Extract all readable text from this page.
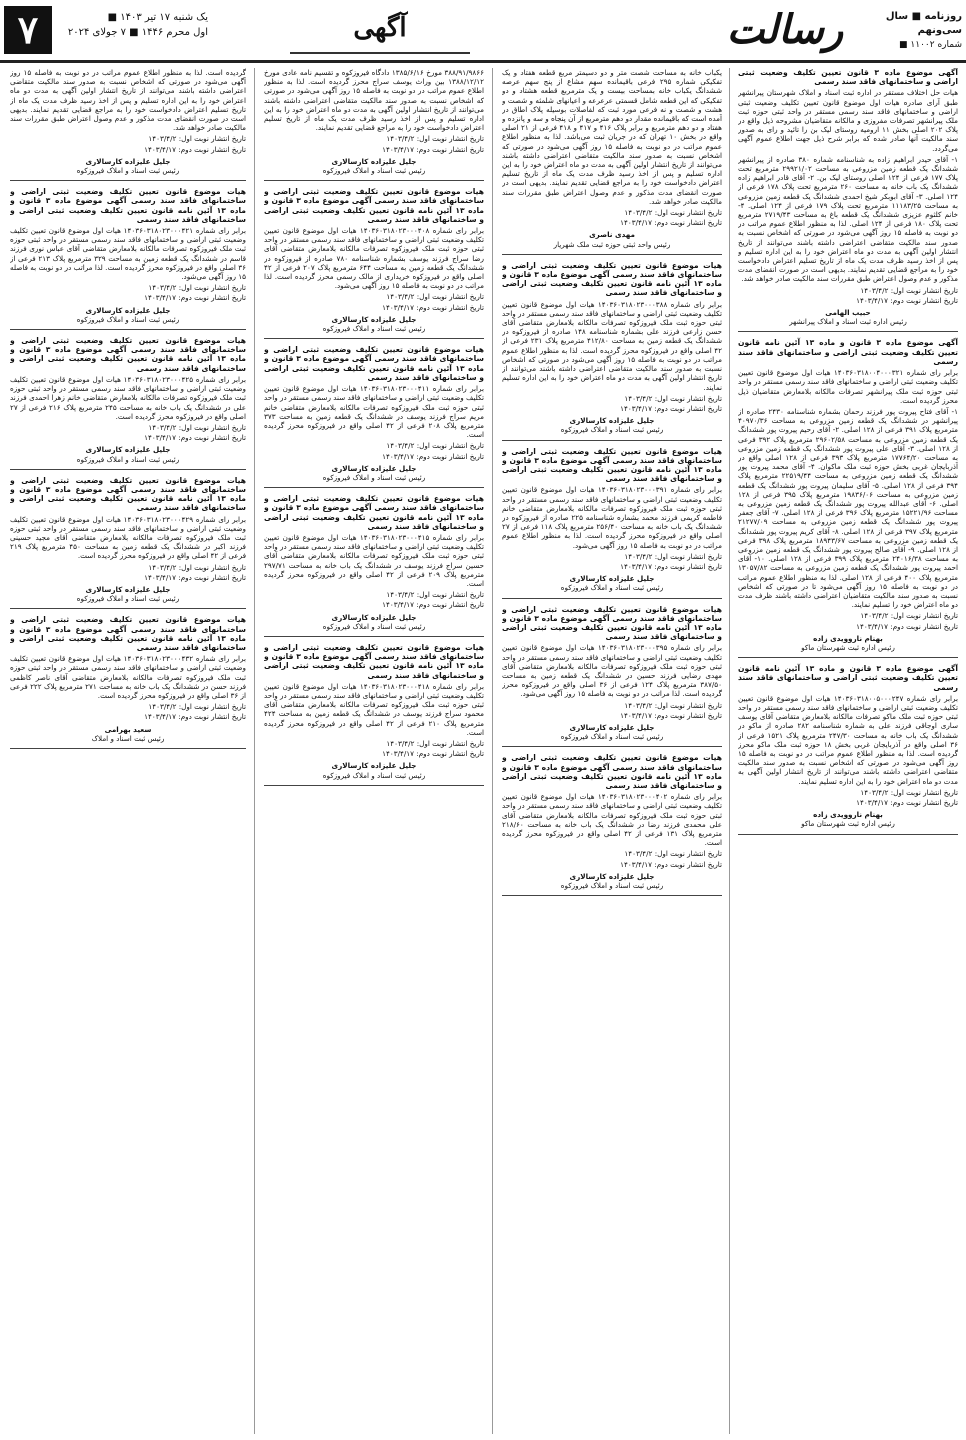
۷	یک شنبه ۱۷ تیر ۱۴۰۳ ■
اول محرم ۱۴۴۶ ■ ۷ جولای ۲۰۲۴	آگهی	رسالت	روزنامه ■ سال سی‌ونهم
شماره ۱۱۰۰۲ ■
آگهی موضوع ماده ۳ قانون تعیین تکلیف وضعیت ثبتی اراضی و ساختمانهای فاقد سند رسمی
هیات حل اختلاف مستقر در اداره ثبت اسناد و املاک شهرستان پیرانشهر طبق آرای صادره هیات اول موضوع قانون تعیین تکلیف وضعیت ثبتی اراضی و ساختمانهای فاقد سند رسمی مستقر در واحد ثبتی حوزه ثبت ملک پیرانشهر تصرفات مفروزی و مالکانه متقاضیان مشروحه ذیل واقع در پلاک ۲۰۲ اصلی بخش ۱۱ ارومیه روستای لیک بن را تائید و رای به صدور سند مالکیت آنها صادر شده که برابر شرح ذیل جهت اطلاع عموم آگهی می‌گردد.
۱- آقای حیدر ابراهیم زاده به شناسنامه شماره ۳۸۰ صادره از پیرانشهر ششدانگ یک قطعه زمین مزروعی به مساحت ۲۹۹۲۱/۰۲ مترمربع تحت پلاک ۱۷۷ فرعی از ۱۲۴ اصلی روستای لیک بن. ۲- آقای قادر ابراهیم زاده ششدانگ یک باب خانه به مساحت ۲۶۰ مترمربع تحت پلاک ۱۷۸ فرعی از ۱۲۴ اصلی. ۳- آقای ابوبکر شیخ احمدی ششدانگ یک قطعه زمین مزروعی به مساحت ۱۱۱۸۳/۲۵ مترمربع تحت پلاک ۱۷۹ فرعی از ۱۲۴ اصلی. ۴- خانم کلثوم عزیزی ششدانگ یک قطعه باغ به مساحت ۲۷۱۹/۴۳ مترمربع تحت پلاک ۱۸۰ فرعی از ۱۲۴ اصلی. لذا به منظور اطلاع عموم مراتب در دو نوبت به فاصله ۱۵ روز آگهی می‌شود در صورتی که اشخاص نسبت به صدور سند مالکیت متقاضی اعتراضی داشته باشند می‌توانند از تاریخ انتشار اولین آگهی به مدت دو ماه اعتراض خود را به این اداره تسلیم و پس از اخذ رسید ظرف مدت یک ماه از تاریخ تسلیم اعتراض دادخواست خود را به مراجع قضایی تقدیم نمایند. بدیهی است در صورت انقضای مدت مذکور و عدم وصول اعتراض طبق مقررات سند مالکیت صادر خواهد شد.
تاریخ انتشار نوبت اول: ۱۴۰۳/۴/۲
تاریخ انتشار نوبت دوم: ۱۴۰۳/۴/۱۷
حبیب الهامی
رئیس اداره ثبت اسناد و املاک پیرانشهر
آگهی موضوع ماده ۳ قانون و ماده ۱۳ آئین نامه قانون تعیین تکلیف وضعیت ثبتی اراضی و ساختمانهای فاقد سند رسمی
برابر رای شماره ۱۴۰۳۶۰۳۱۸۰۰۴۰۰۰۳۲۱ هیات اول موضوع قانون تعیین تکلیف وضعیت ثبتی اراضی و ساختمانهای فاقد سند رسمی مستقر در واحد ثبتی حوزه ثبت ملک پیرانشهر تصرفات مالکانه بلامعارض متقاضیان ذیل محرز گردیده است.
۱- آقای فتاح پیروت پور فرزند رحمان بشماره شناسنامه ۲۴۳۰ صادره از پیرانشهر در ششدانگ یک قطعه زمین مزروعی به مساحت ۴۰۹۷۰/۳۶ مترمربع پلاک ۳۹۱ فرعی از ۱۲۸ اصلی. ۲- آقای رحیم پیروت پور ششدانگ یک قطعه زمین مزروعی به مساحت ۲۹۶۰۲/۵۸ مترمربع پلاک ۳۹۲ فرعی از ۱۲۸ اصلی. ۳- آقای علی پیروت پور ششدانگ یک قطعه زمین مزروعی به مساحت ۱۷۷۶۴/۲۰ مترمربع پلاک ۳۹۳ فرعی از ۱۲۸ اصلی واقع در آذربایجان غربی بخش حوزه ثبت ملک ماکوان. ۴- آقای محمد پیروت پور ششدانگ یک قطعه زمین مزروعی به مساحت ۲۲۵۱۹/۴۴ مترمربع پلاک ۳۹۴ فرعی از ۱۲۸ اصلی. ۵- آقای سلیمان پیروت پور ششدانگ یک قطعه زمین مزروعی به مساحت ۱۹۸۳۶/۰۶ مترمربع پلاک ۳۹۵ فرعی از ۱۲۸ اصلی. ۶- آقای عبدالله پیروت پور ششدانگ یک قطعه زمین مزروعی به مساحت ۱۵۲۲۱/۹۶ مترمربع پلاک ۳۹۶ فرعی از ۱۲۸ اصلی. ۷- آقای جعفر پیروت پور ششدانگ یک قطعه زمین مزروعی به مساحت ۲۱۲۷۷/۰۹ مترمربع پلاک ۳۹۷ فرعی از ۱۲۸ اصلی. ۸- آقای کریم پیروت پور ششدانگ یک قطعه زمین مزروعی به مساحت ۱۸۹۴۳/۶۷ مترمربع پلاک ۳۹۸ فرعی از ۱۲۸ اصلی. ۹- آقای صالح پیروت پور ششدانگ یک قطعه زمین مزروعی به مساحت ۲۴۰۱۶/۳۸ مترمربع پلاک ۳۹۹ فرعی از ۱۲۸ اصلی. ۱۰- آقای احمد پیروت پور ششدانگ یک قطعه زمین مزروعی به مساحت ۱۳۰۵۷/۸۲ مترمربع پلاک ۴۰۰ فرعی از ۱۲۸ اصلی. لذا به منظور اطلاع عموم مراتب در دو نوبت به فاصله ۱۵ روز آگهی می‌شود تا در صورتی که اشخاص نسبت به صدور سند مالکیت متقاضیان اعتراضی داشته باشند ظرف مدت دو ماه اعتراض خود را تسلیم نمایند.
تاریخ انتشار نوبت اول: ۱۴۰۳/۴/۲
تاریخ انتشار نوبت دوم: ۱۴۰۳/۴/۱۷
بهنام ناروویدی زاده
رئیس اداره ثبت شهرستان ماکو
آگهی موضوع ماده ۳ قانون و ماده ۱۳ آئین نامه قانون تعیین تکلیف وضعیت ثبتی اراضی و ساختمانهای فاقد سند رسمی
برابر رای شماره ۱۴۰۳۶۰۳۱۸۰۰۵۰۰۰۲۴۷ هیات اول موضوع قانون تعیین تکلیف وضعیت ثبتی اراضی و ساختمانهای فاقد سند رسمی مستقر در واحد ثبتی حوزه ثبت ملک ماکو تصرفات مالکانه بلامعارض متقاضی آقای یوسف ساری اوجاقی فرزند علی به شماره شناسنامه ۲۸۲ صادره از ماکو در ششدانگ یک باب خانه به مساحت ۲۴۷/۳۰ مترمربع پلاک ۱۵۲۱ فرعی از ۳۶ اصلی واقع در آذربایجان غربی بخش ۱۸ حوزه ثبت ملک ماکو محرز گردیده است. لذا به منظور اطلاع عموم مراتب در دو نوبت به فاصله ۱۵ روز آگهی می‌شود در صورتی که اشخاص نسبت به صدور سند مالکیت متقاضی اعتراضی داشته باشند می‌توانند از تاریخ انتشار اولین آگهی به مدت دو ماه اعتراض خود را به این اداره تسلیم نمایند.
تاریخ انتشار نوبت اول: ۱۴۰۳/۴/۲
تاریخ انتشار نوبت دوم: ۱۴۰۳/۴/۱۷
بهنام ناروویدی زاده
رئیس اداره ثبت شهرستان ماکو
یکباب خانه به مساحت شصت متر و دو دسیمتر مربع قطعه هفتاد و یک تفکیکی شماره ۲۹۵ فرعی باقیمانده سهم مشاع از پنج سهم عرصه ششدانگ یکباب خانه بمساحت بیست و یک مترمربع قطعه هشتاد و دو تفکیکی که این قطعه شامل قسمتی عرعرعه و اعیانهای شلمثه و شصت و هشت و شصت و نه فرعی مورد ثبت که لفاصلات بوسیله پلاک اطاق در آمده است که باقیمانده مقدار دو دهم مترمربع از آن پنجاه و سه و پانزده و هفتاد و دو دهم مترمربع و برابر پلاک ۴۱۶ و ۴۱۷ و ۴۱۸ فرعی از ۲۱ اصلی واقع در بخش ۱۰ تهران که در جریان ثبت می‌باشد. لذا به منظور اطلاع عموم مراتب در دو نوبت به فاصله ۱۵ روز آگهی می‌شود در صورتی که اشخاص نسبت به صدور سند مالکیت متقاضی اعتراضی داشته باشند می‌توانند از تاریخ انتشار اولین آگهی به مدت دو ماه اعتراض خود را به این اداره تسلیم و پس از اخذ رسید ظرف مدت یک ماه از تاریخ تسلیم اعتراض دادخواست خود را به مراجع قضایی تقدیم نمایند. بدیهی است در صورت انقضای مدت مذکور و عدم وصول اعتراض طبق مقررات سند مالکیت صادر خواهد شد.
تاریخ انتشار نوبت اول: ۱۴۰۳/۴/۲
تاریخ انتشار نوبت دوم: ۱۴۰۳/۴/۱۷
مهدی ناصری
رئیس واحد ثبتی حوزه ثبت ملک شهریار
هیات موضوع قانون تعیین تکلیف وضعیت ثبتی اراضی و ساختمانهای فاقد سند رسمی آگهی موضوع ماده ۳ قانون و ماده ۱۳ آئین نامه قانون تعیین تکلیف وضعیت ثبتی اراضی و ساختمانهای فاقد سند رسمی
برابر رای شماره ۱۴۰۳۶۰۳۱۸۰۲۳۰۰۰۳۸۸ هیات اول موضوع قانون تعیین تکلیف وضعیت ثبتی اراضی و ساختمانهای فاقد سند رسمی مستقر در واحد ثبتی حوزه ثبت ملک فیروزکوه تصرفات مالکانه بلامعارض متقاضی آقای حسن زارعی فرزند علی بشماره شناسنامه ۱۴۸ صادره از فیروزکوه در ششدانگ یک قطعه زمین به مساحت ۴۱۲/۸۰ مترمربع پلاک ۲۳۱ فرعی از ۴۲ اصلی واقع در فیروزکوه محرز گردیده است. لذا به منظور اطلاع عموم مراتب در دو نوبت به فاصله ۱۵ روز آگهی می‌شود در صورتی که اشخاص نسبت به صدور سند مالکیت متقاضی اعتراضی داشته باشند می‌توانند از تاریخ انتشار اولین آگهی به مدت دو ماه اعتراض خود را به این اداره تسلیم نمایند.
تاریخ انتشار نوبت اول: ۱۴۰۳/۴/۲
تاریخ انتشار نوبت دوم: ۱۴۰۳/۴/۱۷
جلیل علیزاده کارسالاری
رئیس ثبت اسناد و املاک فیروزکوه
هیات موضوع قانون تعیین تکلیف وضعیت ثبتی اراضی و ساختمانهای فاقد سند رسمی آگهی موضوع ماده ۳ قانون و ماده ۱۳ آئین نامه قانون تعیین تکلیف وضعیت ثبتی اراضی و ساختمانهای فاقد سند رسمی
برابر رای شماره ۱۴۰۳۶۰۳۱۸۰۲۳۰۰۰۳۹۱ هیات اول موضوع قانون تعیین تکلیف وضعیت ثبتی اراضی و ساختمانهای فاقد سند رسمی مستقر در واحد ثبتی حوزه ثبت ملک فیروزکوه تصرفات مالکانه بلامعارض متقاضی خانم فاطمه کریمی فرزند محمد بشماره شناسنامه ۲۲۵ صادره از فیروزکوه در ششدانگ یک باب خانه به مساحت ۲۵۶/۴۰ مترمربع پلاک ۱۱۸ فرعی از ۲۷ اصلی واقع در فیروزکوه محرز گردیده است. لذا به منظور اطلاع عموم مراتب در دو نوبت به فاصله ۱۵ روز آگهی می‌شود.
تاریخ انتشار نوبت اول: ۱۴۰۳/۴/۲
تاریخ انتشار نوبت دوم: ۱۴۰۳/۴/۱۷
جلیل علیزاده کارسالاری
رئیس ثبت اسناد و املاک فیروزکوه
هیات موضوع قانون تعیین تکلیف وضعیت ثبتی اراضی و ساختمانهای فاقد سند رسمی آگهی موضوع ماده ۳ قانون و ماده ۱۳ آئین نامه قانون تعیین تکلیف وضعیت ثبتی اراضی و ساختمانهای فاقد سند رسمی
برابر رای شماره ۱۴۰۳۶۰۳۱۸۰۲۳۰۰۰۳۹۵ هیات اول موضوع قانون تعیین تکلیف وضعیت ثبتی اراضی و ساختمانهای فاقد سند رسمی مستقر در واحد ثبتی حوزه ثبت ملک فیروزکوه تصرفات مالکانه بلامعارض متقاضی آقای مهدی رضایی فرزند حسین در ششدانگ یک قطعه زمین به مساحت ۳۸۷/۵۰ مترمربع پلاک ۱۲۴ فرعی از ۳۶ اصلی واقع در فیروزکوه محرز گردیده است. لذا مراتب در دو نوبت به فاصله ۱۵ روز آگهی می‌شود.
تاریخ انتشار نوبت اول: ۱۴۰۳/۴/۲
تاریخ انتشار نوبت دوم: ۱۴۰۳/۴/۱۷
جلیل علیزاده کارسالاری
رئیس ثبت اسناد و املاک فیروزکوه
هیات موضوع قانون تعیین تکلیف وضعیت ثبتی اراضی و ساختمانهای فاقد سند رسمی آگهی موضوع ماده ۳ قانون و ماده ۱۳ آئین نامه قانون تعیین تکلیف وضعیت ثبتی اراضی و ساختمانهای فاقد سند رسمی
برابر رای شماره ۱۴۰۳۶۰۳۱۸۰۲۳۰۰۰۴۰۲ هیات اول موضوع قانون تعیین تکلیف وضعیت ثبتی اراضی و ساختمانهای فاقد سند رسمی مستقر در واحد ثبتی حوزه ثبت ملک فیروزکوه تصرفات مالکانه بلامعارض متقاضی آقای علی محمدی فرزند رضا در ششدانگ یک باب خانه به مساحت ۲۱۸/۶۰ مترمربع پلاک ۱۳۱ فرعی از ۴۲ اصلی واقع در فیروزکوه محرز گردیده است.
تاریخ انتشار نوبت اول: ۱۴۰۳/۴/۲
تاریخ انتشار نوبت دوم: ۱۴۰۳/۴/۱۷
جلیل علیزاده کارسالاری
رئیس ثبت اسناد و املاک فیروزکوه
۳۸۸/۹۱/۹۸۶۶ مورخ ۱۳۸۵/۶/۱۶ دادگاه فیروزکوه و تقسیم نامه عادی مورخ ۱۳۸۸/۱۲/۱۲ بین وراث یوسف سراج محرز گردیده است. لذا به منظور اطلاع عموم مراتب در دو نوبت به فاصله ۱۵ روز آگهی می‌شود در صورتی که اشخاص نسبت به صدور سند مالکیت متقاضی اعتراضی داشته باشند می‌توانند از تاریخ انتشار اولین آگهی به مدت دو ماه اعتراض خود را به این اداره تسلیم و پس از اخذ رسید ظرف مدت یک ماه از تاریخ تسلیم اعتراض دادخواست خود را به مراجع قضایی تقدیم نمایند.
تاریخ انتشار نوبت اول: ۱۴۰۳/۴/۲
تاریخ انتشار نوبت دوم: ۱۴۰۳/۴/۱۷
جلیل علیزاده کارسالاری
رئیس ثبت اسناد و املاک فیروزکوه
هیات موضوع قانون تعیین تکلیف وضعیت ثبتی اراضی و ساختمانهای فاقد سند رسمی آگهی موضوع ماده ۳ قانون و ماده ۱۳ آئین نامه قانون تعیین تکلیف وضعیت ثبتی اراضی و ساختمانهای فاقد سند رسمی
برابر رای شماره ۱۴۰۳۶۰۳۱۸۰۲۳۰۰۰۴۰۸ هیات اول موضوع قانون تعیین تکلیف وضعیت ثبتی اراضی و ساختمانهای فاقد سند رسمی مستقر در واحد ثبتی حوزه ثبت ملک فیروزکوه تصرفات مالکانه بلامعارض متقاضی آقای رضا سراج فرزند یوسف بشماره شناسنامه ۷۸۰ صادره از فیروزکوه در ششدانگ یک قطعه زمین به مساحت ۶۴۴ مترمربع پلاک ۲۰۷ فرعی از ۴۲ اصلی واقع در فیروزکوه خریداری از مالک رسمی محرز گردیده است. لذا مراتب در دو نوبت به فاصله ۱۵ روز آگهی می‌شود.
تاریخ انتشار نوبت اول: ۱۴۰۳/۴/۲
تاریخ انتشار نوبت دوم: ۱۴۰۳/۴/۱۷
جلیل علیزاده کارسالاری
رئیس ثبت اسناد و املاک فیروزکوه
هیات موضوع قانون تعیین تکلیف وضعیت ثبتی اراضی و ساختمانهای فاقد سند رسمی آگهی موضوع ماده ۳ قانون و ماده ۱۳ آئین نامه قانون تعیین تکلیف وضعیت ثبتی اراضی و ساختمانهای فاقد سند رسمی
برابر رای شماره ۱۴۰۳۶۰۳۱۸۰۲۳۰۰۰۴۱۱ هیات اول موضوع قانون تعیین تکلیف وضعیت ثبتی اراضی و ساختمانهای فاقد سند رسمی مستقر در واحد ثبتی حوزه ثبت ملک فیروزکوه تصرفات مالکانه بلامعارض متقاضی خانم مریم سراج فرزند یوسف در ششدانگ یک قطعه زمین به مساحت ۳۷۳ مترمربع پلاک ۲۰۸ فرعی از ۴۲ اصلی واقع در فیروزکوه محرز گردیده است.
تاریخ انتشار نوبت اول: ۱۴۰۳/۴/۲
تاریخ انتشار نوبت دوم: ۱۴۰۳/۴/۱۷
جلیل علیزاده کارسالاری
رئیس ثبت اسناد و املاک فیروزکوه
هیات موضوع قانون تعیین تکلیف وضعیت ثبتی اراضی و ساختمانهای فاقد سند رسمی آگهی موضوع ماده ۳ قانون و ماده ۱۳ آئین نامه قانون تعیین تکلیف وضعیت ثبتی اراضی و ساختمانهای فاقد سند رسمی
برابر رای شماره ۱۴۰۳۶۰۳۱۸۰۲۳۰۰۰۴۱۵ هیات اول موضوع قانون تعیین تکلیف وضعیت ثبتی اراضی و ساختمانهای فاقد سند رسمی مستقر در واحد ثبتی حوزه ثبت ملک فیروزکوه تصرفات مالکانه بلامعارض متقاضی آقای حسین سراج فرزند یوسف در ششدانگ یک باب خانه به مساحت ۲۹۷/۷۱ مترمربع پلاک ۲۰۹ فرعی از ۴۲ اصلی واقع در فیروزکوه محرز گردیده است.
تاریخ انتشار نوبت اول: ۱۴۰۳/۴/۲
تاریخ انتشار نوبت دوم: ۱۴۰۳/۴/۱۷
جلیل علیزاده کارسالاری
رئیس ثبت اسناد و املاک فیروزکوه
هیات موضوع قانون تعیین تکلیف وضعیت ثبتی اراضی و ساختمانهای فاقد سند رسمی آگهی موضوع ماده ۳ قانون و ماده ۱۳ آئین نامه قانون تعیین تکلیف وضعیت ثبتی اراضی و ساختمانهای فاقد سند رسمی
برابر رای شماره ۱۴۰۳۶۰۳۱۸۰۲۳۰۰۰۴۱۸ هیات اول موضوع قانون تعیین تکلیف وضعیت ثبتی اراضی و ساختمانهای فاقد سند رسمی مستقر در واحد ثبتی حوزه ثبت ملک فیروزکوه تصرفات مالکانه بلامعارض متقاضی آقای محمود سراج فرزند یوسف در ششدانگ یک قطعه زمین به مساحت ۴۲۴ مترمربع پلاک ۲۱۰ فرعی از ۴۲ اصلی واقع در فیروزکوه محرز گردیده است.
تاریخ انتشار نوبت اول: ۱۴۰۳/۴/۲
تاریخ انتشار نوبت دوم: ۱۴۰۳/۴/۱۷
جلیل علیزاده کارسالاری
رئیس ثبت اسناد و املاک فیروزکوه
گردیده است. لذا به منظور اطلاع عموم مراتب در دو نوبت به فاصله ۱۵ روز آگهی می‌شود در صورتی که اشخاص نسبت به صدور سند مالکیت متقاضی اعتراضی داشته باشند می‌توانند از تاریخ انتشار اولین آگهی به مدت دو ماه اعتراض خود را به این اداره تسلیم و پس از اخذ رسید ظرف مدت یک ماه از تاریخ تسلیم اعتراض دادخواست خود را به مراجع قضایی تقدیم نمایند. بدیهی است در صورت انقضای مدت مذکور و عدم وصول اعتراض طبق مقررات سند مالکیت صادر خواهد شد.
تاریخ انتشار نوبت اول: ۱۴۰۳/۴/۲
تاریخ انتشار نوبت دوم: ۱۴۰۳/۴/۱۷
جلیل علیزاده کارسالاری
رئیس ثبت اسناد و املاک فیروزکوه
هیات موضوع قانون تعیین تکلیف وضعیت ثبتی اراضی و ساختمانهای فاقد سند رسمی آگهی موضوع ماده ۳ قانون و ماده ۱۳ آئین نامه قانون تعیین تکلیف وضعیت ثبتی اراضی و ساختمانهای فاقد سند رسمی
برابر رای شماره ۱۴۰۳۶۰۳۱۸۰۲۳۰۰۰۴۲۱ هیات اول موضوع قانون تعیین تکلیف وضعیت ثبتی اراضی و ساختمانهای فاقد سند رسمی مستقر در واحد ثبتی حوزه ثبت ملک فیروزکوه تصرفات مالکانه بلامعارض متقاضی آقای عباس نوری فرزند قاسم در ششدانگ یک قطعه زمین به مساحت ۳۲۹ مترمربع پلاک ۲۱۳ فرعی از ۳۶ اصلی واقع در فیروزکوه محرز گردیده است. لذا مراتب در دو نوبت به فاصله ۱۵ روز آگهی می‌شود.
تاریخ انتشار نوبت اول: ۱۴۰۳/۴/۲
تاریخ انتشار نوبت دوم: ۱۴۰۳/۴/۱۷
جلیل علیزاده کارسالاری
رئیس ثبت اسناد و املاک فیروزکوه
هیات موضوع قانون تعیین تکلیف وضعیت ثبتی اراضی و ساختمانهای فاقد سند رسمی آگهی موضوع ماده ۳ قانون و ماده ۱۳ آئین نامه قانون تعیین تکلیف وضعیت ثبتی اراضی و ساختمانهای فاقد سند رسمی
برابر رای شماره ۱۴۰۳۶۰۳۱۸۰۲۳۰۰۰۴۲۵ هیات اول موضوع قانون تعیین تکلیف وضعیت ثبتی اراضی و ساختمانهای فاقد سند رسمی مستقر در واحد ثبتی حوزه ثبت ملک فیروزکوه تصرفات مالکانه بلامعارض متقاضی خانم زهرا احمدی فرزند علی در ششدانگ یک باب خانه به مساحت ۲۴۵ مترمربع پلاک ۲۱۶ فرعی از ۲۷ اصلی واقع در فیروزکوه محرز گردیده است.
تاریخ انتشار نوبت اول: ۱۴۰۳/۴/۲
تاریخ انتشار نوبت دوم: ۱۴۰۳/۴/۱۷
جلیل علیزاده کارسالاری
رئیس ثبت اسناد و املاک فیروزکوه
هیات موضوع قانون تعیین تکلیف وضعیت ثبتی اراضی و ساختمانهای فاقد سند رسمی آگهی موضوع ماده ۳ قانون و ماده ۱۳ آئین نامه قانون تعیین تکلیف وضعیت ثبتی اراضی و ساختمانهای فاقد سند رسمی
برابر رای شماره ۱۴۰۳۶۰۳۱۸۰۲۳۰۰۰۴۲۹ هیات اول موضوع قانون تعیین تکلیف وضعیت ثبتی اراضی و ساختمانهای فاقد سند رسمی مستقر در واحد ثبتی حوزه ثبت ملک فیروزکوه تصرفات مالکانه بلامعارض متقاضی آقای مجید حسینی فرزند اکبر در ششدانگ یک قطعه زمین به مساحت ۴۵۰ مترمربع پلاک ۲۱۹ فرعی از ۴۲ اصلی واقع در فیروزکوه محرز گردیده است.
تاریخ انتشار نوبت اول: ۱۴۰۳/۴/۲
تاریخ انتشار نوبت دوم: ۱۴۰۳/۴/۱۷
جلیل علیزاده کارسالاری
رئیس ثبت اسناد و املاک فیروزکوه
هیات موضوع قانون تعیین تکلیف وضعیت ثبتی اراضی و ساختمانهای فاقد سند رسمی آگهی موضوع ماده ۳ قانون و ماده ۱۳ آئین نامه قانون تعیین تکلیف وضعیت ثبتی اراضی و ساختمانهای فاقد سند رسمی
برابر رای شماره ۱۴۰۳۶۰۳۱۸۰۲۳۰۰۰۴۳۲ هیات اول موضوع قانون تعیین تکلیف وضعیت ثبتی اراضی و ساختمانهای فاقد سند رسمی مستقر در واحد ثبتی حوزه ثبت ملک فیروزکوه تصرفات مالکانه بلامعارض متقاضی آقای ناصر کاظمی فرزند حسن در ششدانگ یک باب خانه به مساحت ۲۷۱ مترمربع پلاک ۲۲۲ فرعی از ۳۶ اصلی واقع در فیروزکوه محرز گردیده است.
تاریخ انتشار نوبت اول: ۱۴۰۳/۴/۲
تاریخ انتشار نوبت دوم: ۱۴۰۳/۴/۱۷
سعید بهرامی
رئیس ثبت اسناد و املاک
